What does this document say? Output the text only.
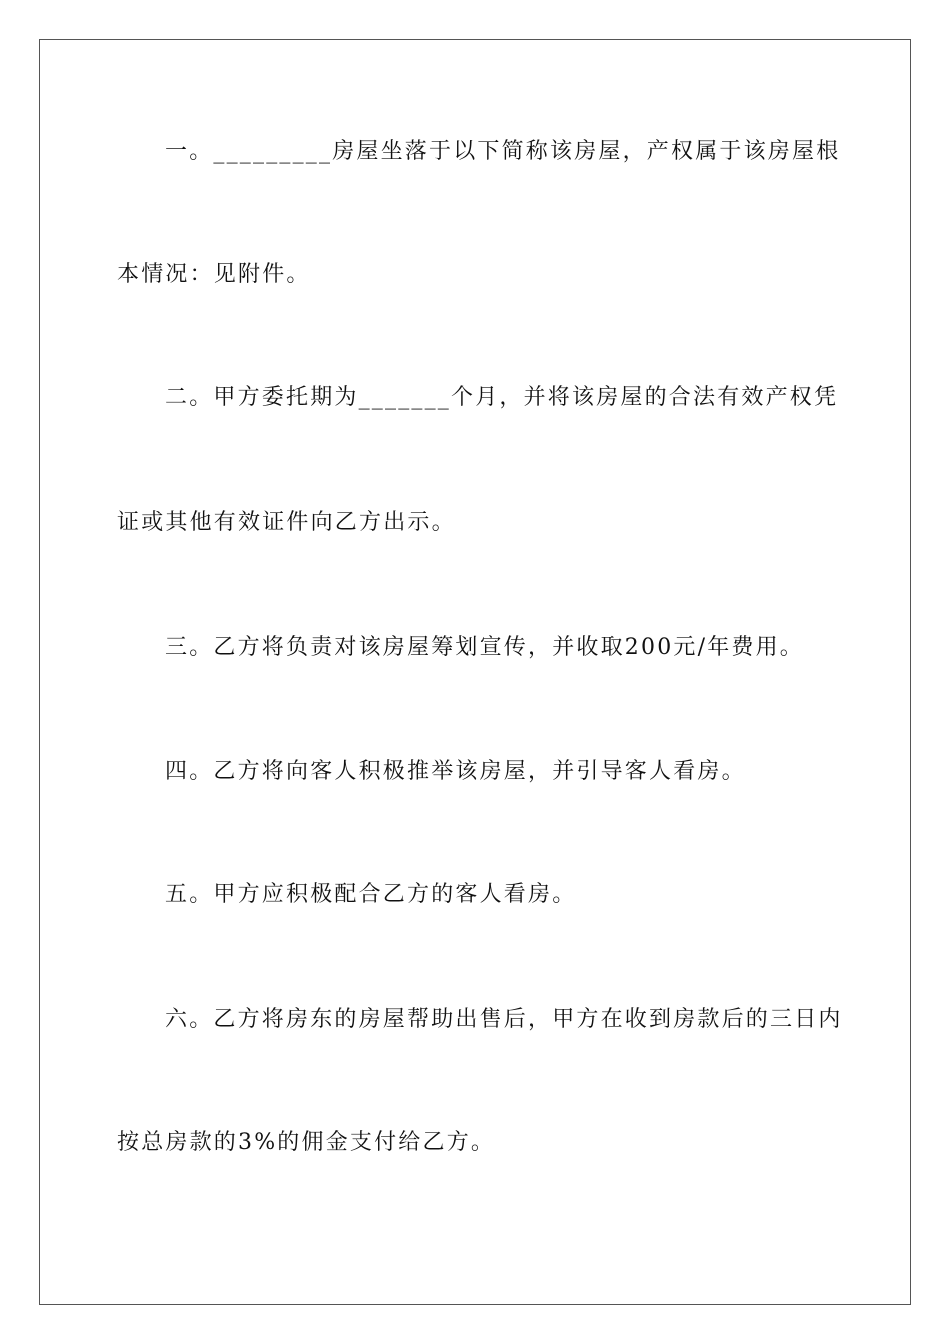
一。_________房屋坐落于以下简称该房屋，产权属于该房屋根
本情况：见附件。
二。甲方委托期为_______个月，并将该房屋的合法有效产权凭
证或其他有效证件向乙方出示。
三。乙方将负责对该房屋筹划宣传，并收取200元/年费用。
四。乙方将向客人积极推举该房屋，并引导客人看房。
五。甲方应积极配合乙方的客人看房。
六。乙方将房东的房屋帮助出售后，甲方在收到房款后的三日内
按总房款的3%的佣金支付给乙方。
